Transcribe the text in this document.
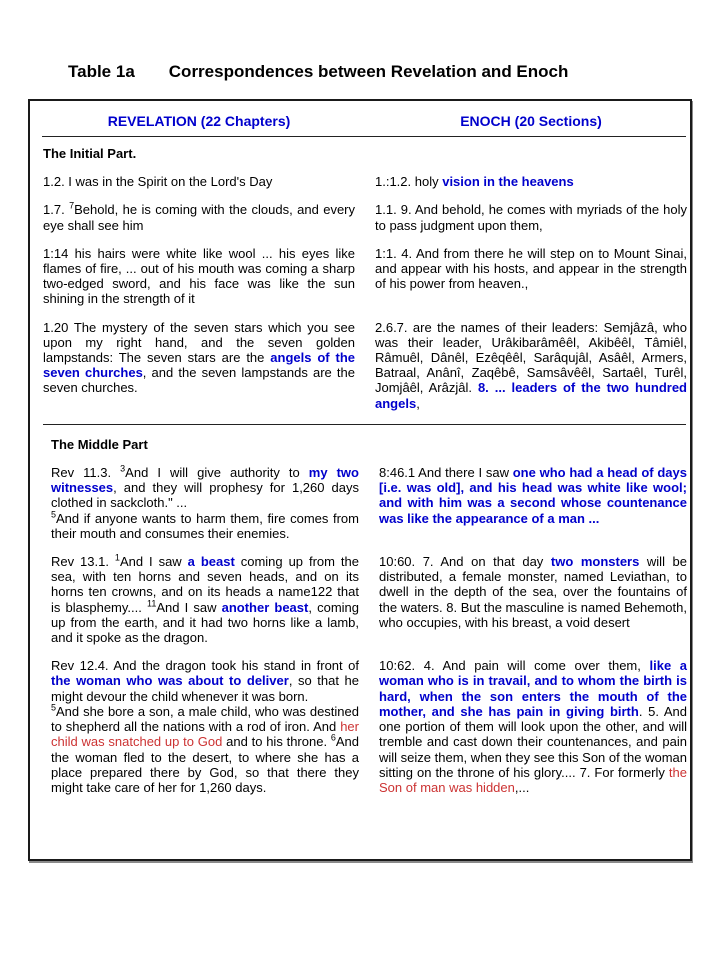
Table 1a Correspondences between Revelation and Enoch
REVELATION (22 Chapters)	ENOCH (20 Sections)
The Initial Part.
1.2. I was in the Spirit on the Lord's Day	1.:1.2. holy vision in the heavens
1.7. $^7$Behold, he is coming with the clouds, and every eye shall see him
1.1. 9. And behold, he comes with myriads of the holy to pass judgment upon them,
1:14 his hairs were white like wool ... his eyes like flames of fire, ... out of his mouth was coming a sharp two-edged sword, and his face was like the sun shining in the strength of it
1:1. 4. And from there he will step on to Mount Sinai, and appear with his hosts, and appear in the strength of his power from heaven.,
1.20 The mystery of the seven stars which you see upon my right hand, and the seven golden lampstands: The seven stars are the angels of the seven churches, and the seven lampstands are the seven churches.
2.6.7. are the names of their leaders: Semjâzâ, who was their leader, Urâkibarâmêêl, Akibêêl, Tâmiêl, Râmuêl, Dânêl, Ezêqêêl, Sarâqujâl, Asâêl, Armers, Batraal, Anânî, Zaqêbê, Samsâvêêl, Sartaêl, Turêl, Jomjâêl, Arâzjâl. 8. ... leaders of the two hundred angels,
The Middle Part
Rev 11.3. $^3$And I will give authority to my two witnesses, and they will prophesy for 1,260 days clothed in sackcloth." ...
$^5$And if anyone wants to harm them, fire comes from their mouth and consumes their enemies.
8:46.1 And there I saw one who had a head of days [i.e. was old], and his head was white like wool; and with him was a second whose countenance was like the appearance of a man ...
Rev 13.1. $^1$And I saw a beast coming up from the sea, with ten horns and seven heads, and on its horns ten crowns, and on its heads a name122 that is blasphemy.... $^{11}$And I saw another beast, coming up from the earth, and it had two horns like a lamb, and it spoke as the dragon.
10:60. 7. And on that day two monsters will be distributed, a female monster, named Leviathan, to dwell in the depth of the sea, over the fountains of the waters. 8. But the masculine is named Behemoth, who occupies, with his breast, a void desert
Rev 12.4. And the dragon took his stand in front of the woman who was about to deliver, so that he might devour the child whenever it was born.
$^5$And she bore a son, a male child, who was destined to shepherd all the nations with a rod of iron. And her child was snatched up to God and to his throne. $^6$And the woman fled to the desert, to where she has a place prepared there by God, so that there they might take care of her for 1,260 days.
10:62. 4. And pain will come over them, like a woman who is in travail, and to whom the birth is hard, when the son enters the mouth of the mother, and she has pain in giving birth. 5. And one portion of them will look upon the other, and will tremble and cast down their countenances, and pain will seize them, when they see this Son of the woman sitting on the throne of his glory.... 7. For formerly the Son of man was hidden,...
